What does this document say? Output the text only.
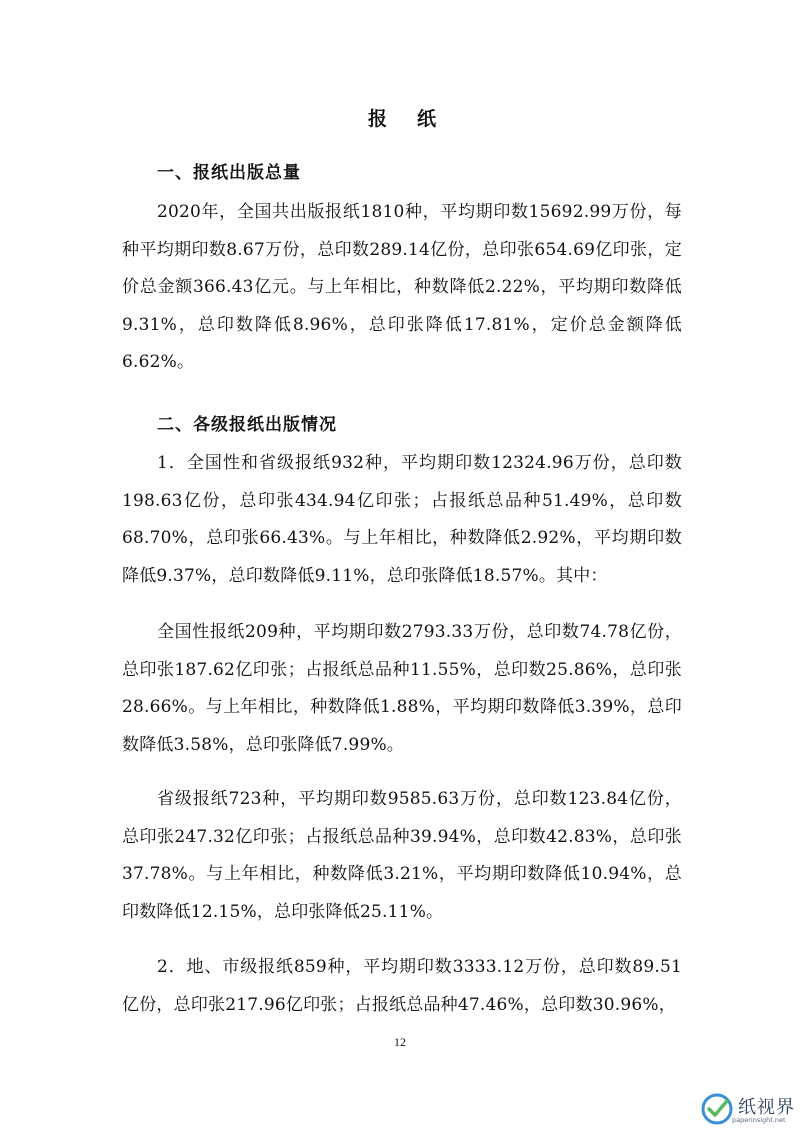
报纸
一、报纸出版总量
2020年，全国共出版报纸1810种，平均期印数15692.99万份，每种平均期印数8.67万份，总印数289.14亿份，总印张654.69亿印张，定价总金额366.43亿元。与上年相比，种数降低2.22%，平均期印数降低9.31%，总印数降低8.96%，总印张降低17.81%，定价总金额降低6.62%。
二、各级报纸出版情况
1．全国性和省级报纸932种，平均期印数12324.96万份，总印数198.63亿份，总印张434.94亿印张；占报纸总品种51.49%，总印数68.70%，总印张66.43%。与上年相比，种数降低2.92%，平均期印数降低9.37%，总印数降低9.11%，总印张降低18.57%。其中：
全国性报纸209种，平均期印数2793.33万份，总印数74.78亿份，总印张187.62亿印张；占报纸总品种11.55%，总印数25.86%，总印张28.66%。与上年相比，种数降低1.88%，平均期印数降低3.39%，总印数降低3.58%，总印张降低7.99%。
省级报纸723种，平均期印数9585.63万份，总印数123.84亿份，总印张247.32亿印张；占报纸总品种39.94%，总印数42.83%，总印张37.78%。与上年相比，种数降低3.21%，平均期印数降低10.94%，总印数降低12.15%，总印张降低25.11%。
2．地、市级报纸859种，平均期印数3333.12万份，总印数89.51亿份，总印张217.96亿印张；占报纸总品种47.46%，总印数30.96%，
12
纸视界
paperinsight.net
